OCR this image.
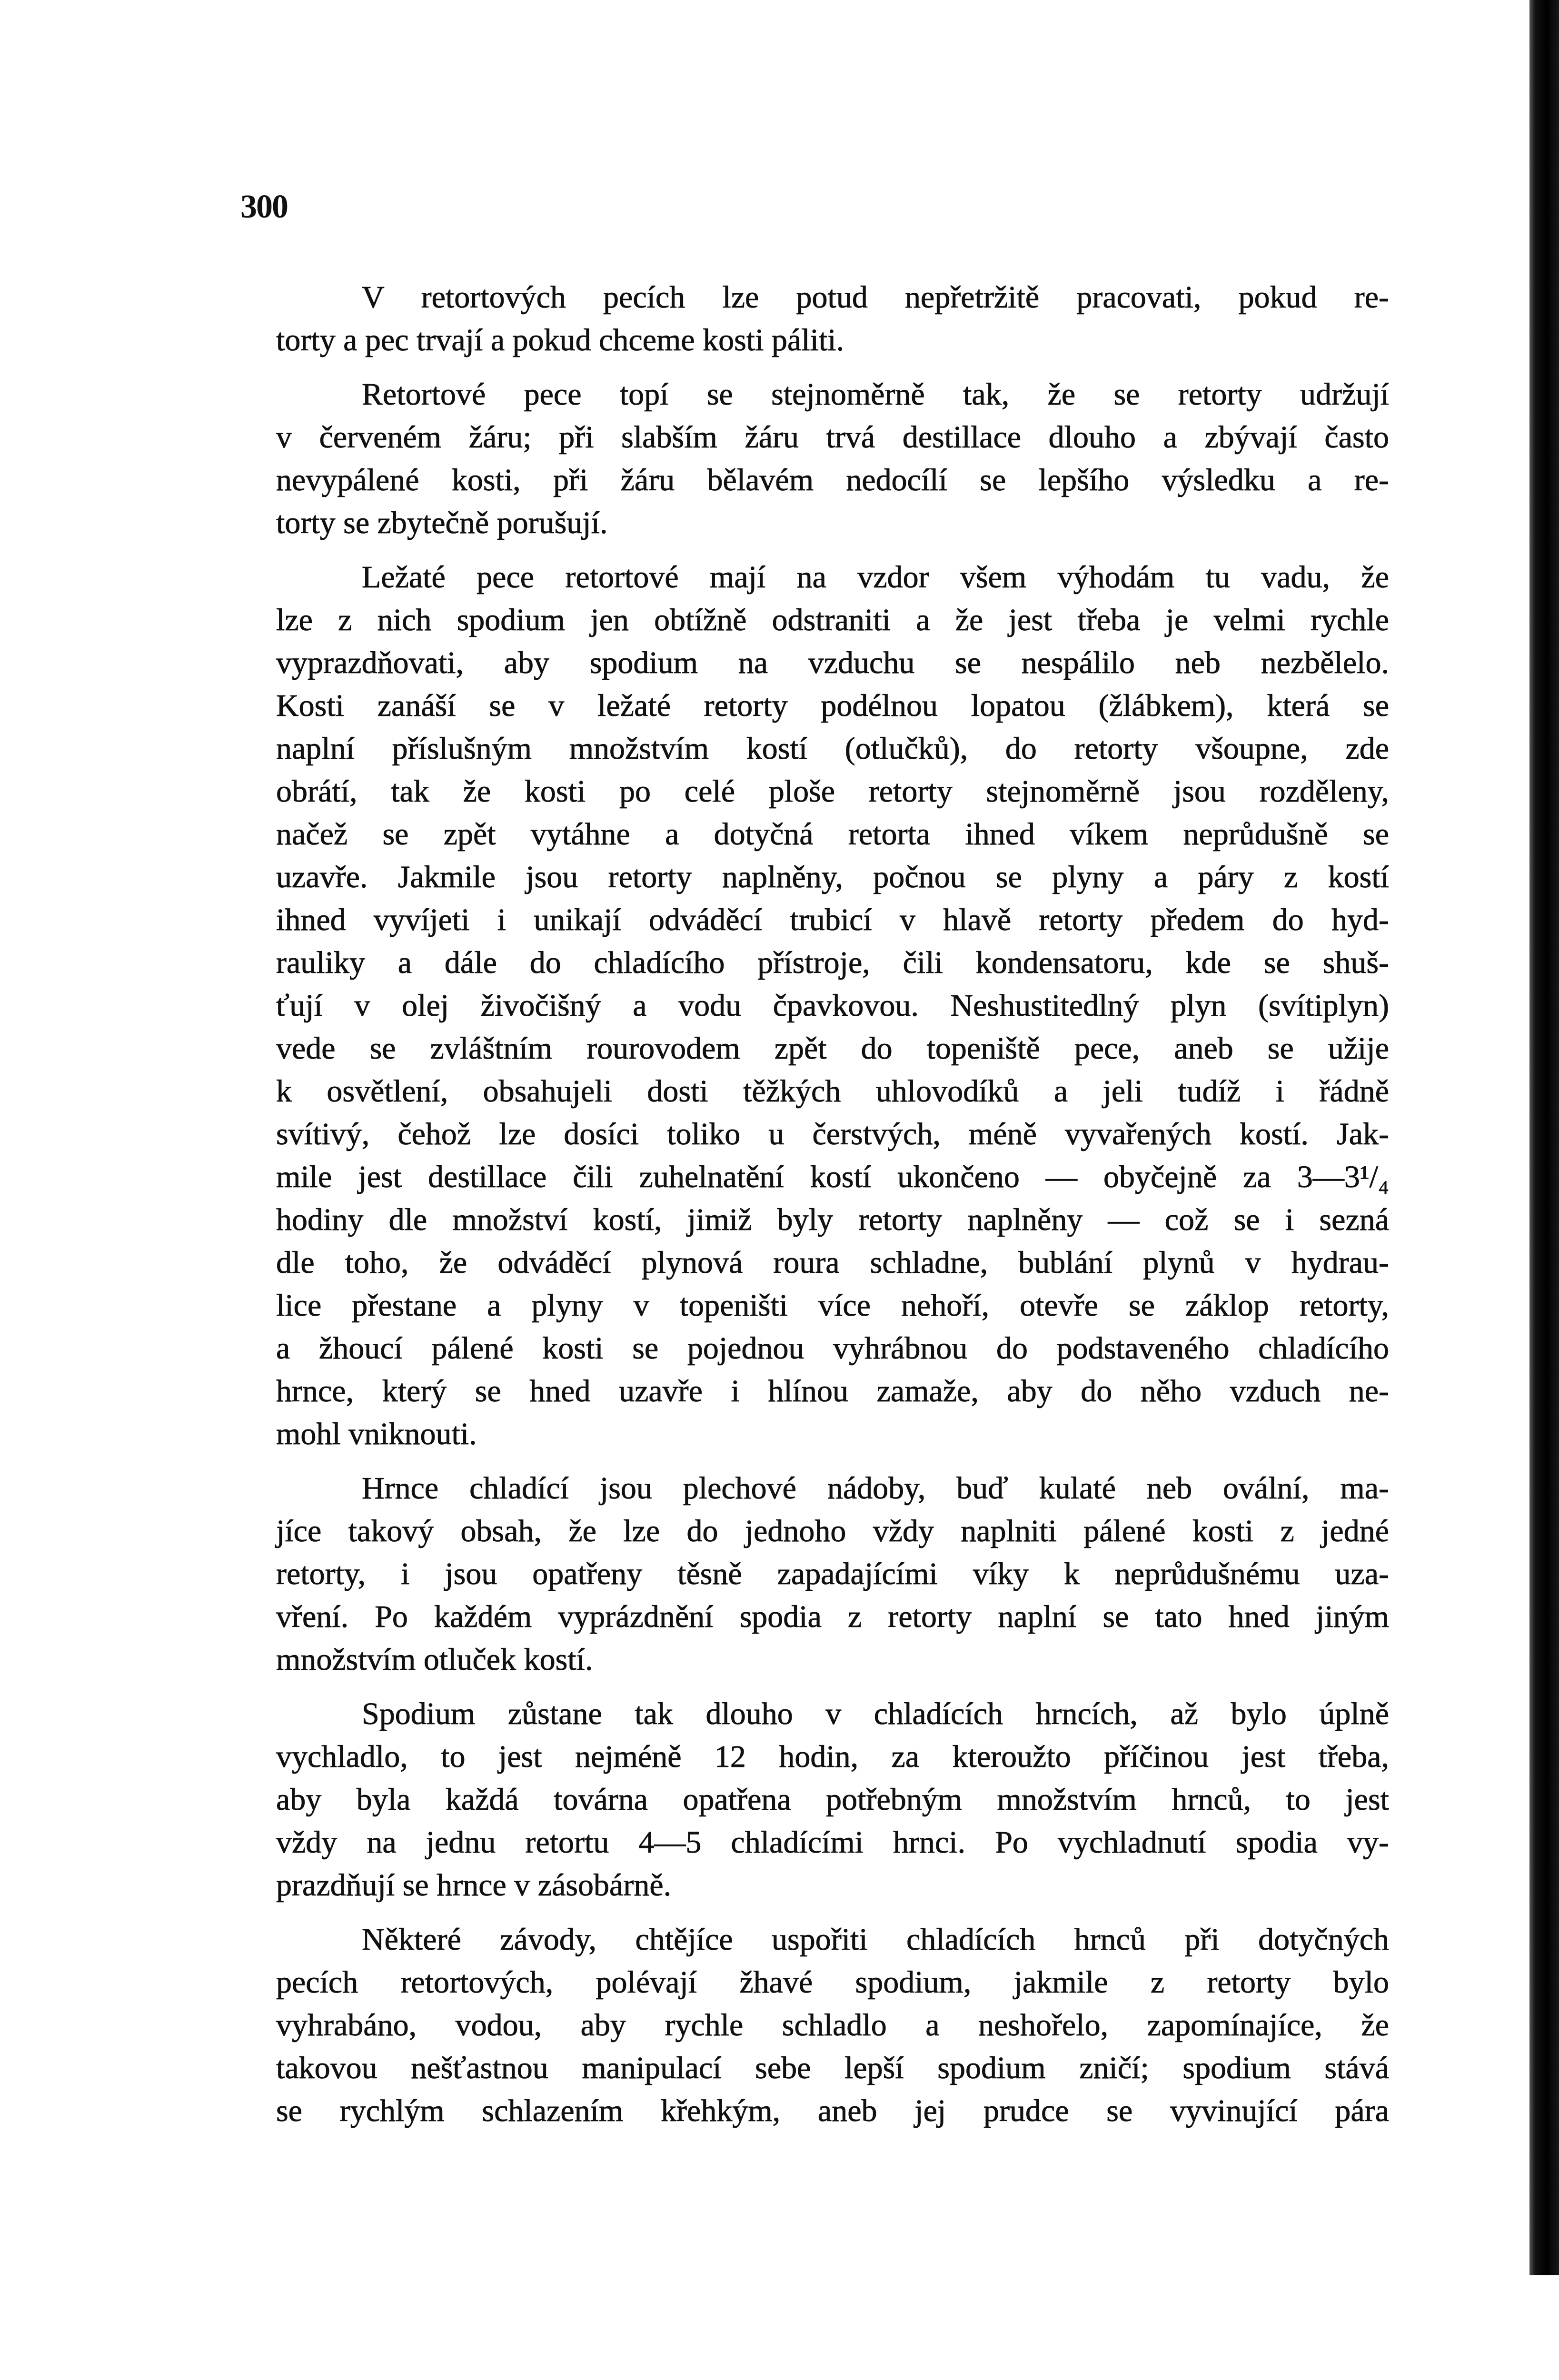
300
V retortových pecích lze potud nepřetržitě pracovati, pokud re-
torty a pec trvají a pokud chceme kosti páliti.
Retortové pece topí se stejnoměrně tak, že se retorty udržují
v červeném žáru; při slabším žáru trvá destillace dlouho a zbývají často
nevypálené kosti, při žáru bělavém nedocílí se lepšího výsledku a re-
torty se zbytečně porušují.
Ležaté pece retortové mají na vzdor všem výhodám tu vadu, že
lze z nich spodium jen obtížně odstraniti a že jest třeba je velmi rychle
vyprazdňovati, aby spodium na vzduchu se nespálilo neb nezbělelo.
Kosti zanáší se v ležaté retorty podélnou lopatou (žlábkem), která se
naplní příslušným množstvím kostí (otlučků), do retorty všoupne, zde
obrátí, tak že kosti po celé ploše retorty stejnoměrně jsou rozděleny,
načež se zpět vytáhne a dotyčná retorta ihned víkem neprůdušně se
uzavře. Jakmile jsou retorty naplněny, počnou se plyny a páry z kostí
ihned vyvíjeti i unikají odváděcí trubicí v hlavě retorty předem do hyd-
rauliky a dále do chladícího přístroje, čili kondensatoru, kde se shuš-
ťují v olej živočišný a vodu čpavkovou. Neshustitedlný plyn (svítiplyn)
vede se zvláštním rourovodem zpět do topeniště pece, aneb se užije
k osvětlení, obsahujeli dosti těžkých uhlovodíků a jeli tudíž i řádně
svítivý, čehož lze dosíci toliko u čerstvých, méně vyvařených kostí. Jak-
mile jest destillace čili zuhelnatění kostí ukončeno — obyčejně za 3—3¹/₄
hodiny dle množství kostí, jimiž byly retorty naplněny — což se i sezná
dle toho, že odváděcí plynová roura schladne, bublání plynů v hydrau-
lice přestane a plyny v topeništi více nehoří, otevře se záklop retorty,
a žhoucí pálené kosti se pojednou vyhrábnou do podstaveného chladícího
hrnce, který se hned uzavře i hlínou zamaže, aby do něho vzduch ne-
mohl vniknouti.
Hrnce chladící jsou plechové nádoby, buď kulaté neb ovální, ma-
jíce takový obsah, že lze do jednoho vždy naplniti pálené kosti z jedné
retorty, i jsou opatřeny těsně zapadajícími víky k neprůdušnému uza-
vření. Po každém vyprázdnění spodia z retorty naplní se tato hned jiným
množstvím otluček kostí.
Spodium zůstane tak dlouho v chladících hrncích, až bylo úplně
vychladlo, to jest nejméně 12 hodin, za kteroužto příčinou jest třeba,
aby byla každá továrna opatřena potřebným množstvím hrnců, to jest
vždy na jednu retortu 4—5 chladícími hrnci. Po vychladnutí spodia vy-
prazdňují se hrnce v zásobárně.
Některé závody, chtějíce uspořiti chladících hrnců při dotyčných
pecích retortových, polévají žhavé spodium, jakmile z retorty bylo
vyhrabáno, vodou, aby rychle schladlo a neshořelo, zapomínajíce, že
takovou nešťastnou manipulací sebe lepší spodium zničí; spodium stává
se rychlým schlazením křehkým, aneb jej prudce se vyvinující pára
